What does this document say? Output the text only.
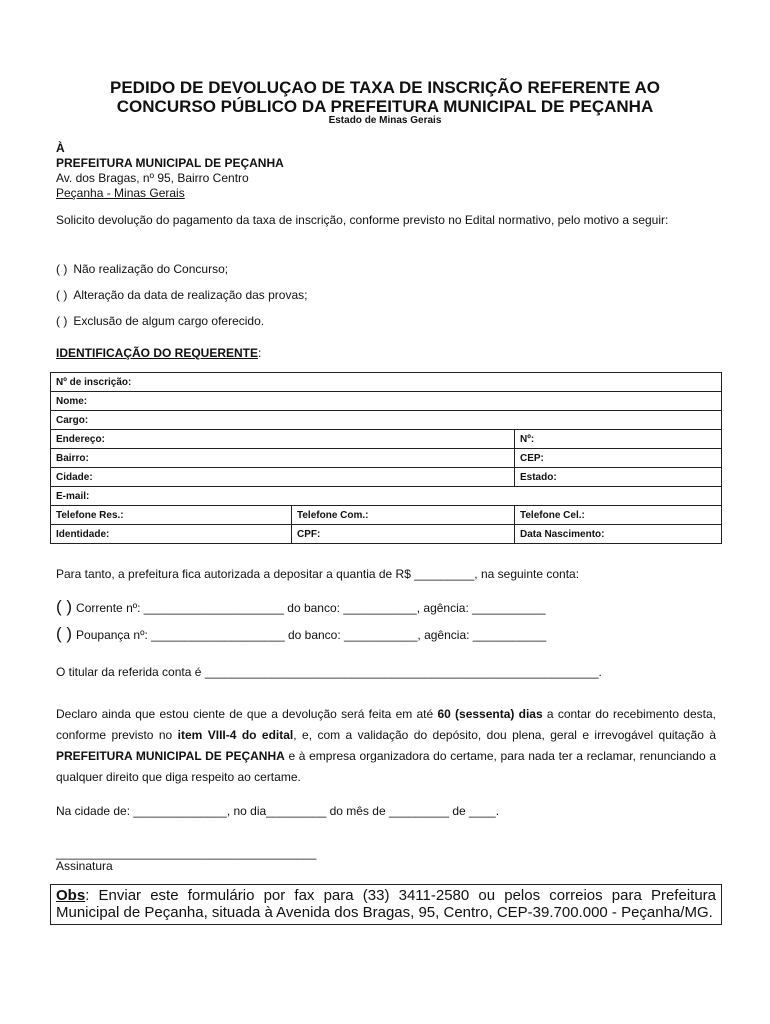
PEDIDO DE DEVOLUÇAO DE TAXA DE INSCRIÇÃO REFERENTE AO
CONCURSO PÚBLICO DA PREFEITURA MUNICIPAL DE PEÇANHA
Estado de Minas Gerais
À
PREFEITURA MUNICIPAL DE PEÇANHA
Av. dos Bragas, nº 95, Bairro Centro
Peçanha - Minas Gerais
Solicito devolução do pagamento da taxa de inscrição, conforme previsto no Edital normativo, pelo motivo a seguir:
( ) Não realização do Concurso;
( ) Alteração da data de realização das provas;
( ) Exclusão de algum cargo oferecido.
IDENTIFICAÇÃO DO REQUERENTE:
Nº de inscrição:		
Nome:		
Cargo:		
Endereço:		Nº:
Bairro:		CEP:
Cidade:		Estado:
E-mail:		
Telefone Res.:	Telefone Com.:	Telefone Cel.:
Identidade:	CPF:	Data Nascimento:
Para tanto, a prefeitura fica autorizada a depositar a quantia de R$ _________, na seguinte conta:
( ) Corrente nº: _____________________ do banco: ___________, agência: ___________
( ) Poupança nº: ____________________ do banco: ___________, agência: ___________
O titular da referida conta é ___________________________________________________________.
Declaro ainda que estou ciente de que a devolução será feita em até 60 (sessenta) dias a contar do recebimento desta, conforme previsto no item VIII-4 do edital, e, com a validação do depósito, dou plena, geral e irrevogável quitação à PREFEITURA MUNICIPAL DE PEÇANHA e à empresa organizadora do certame, para nada ter a reclamar, renunciando a qualquer direito que diga respeito ao certame.
Na cidade de: ______________, no dia_________ do mês de _________ de ____.
_______________________________________
Assinatura
Obs: Enviar este formulário por fax para (33) 3411-2580 ou pelos correios para Prefeitura Municipal de Peçanha, situada à Avenida dos Bragas, 95, Centro, CEP-39.700.000 - Peçanha/MG.
